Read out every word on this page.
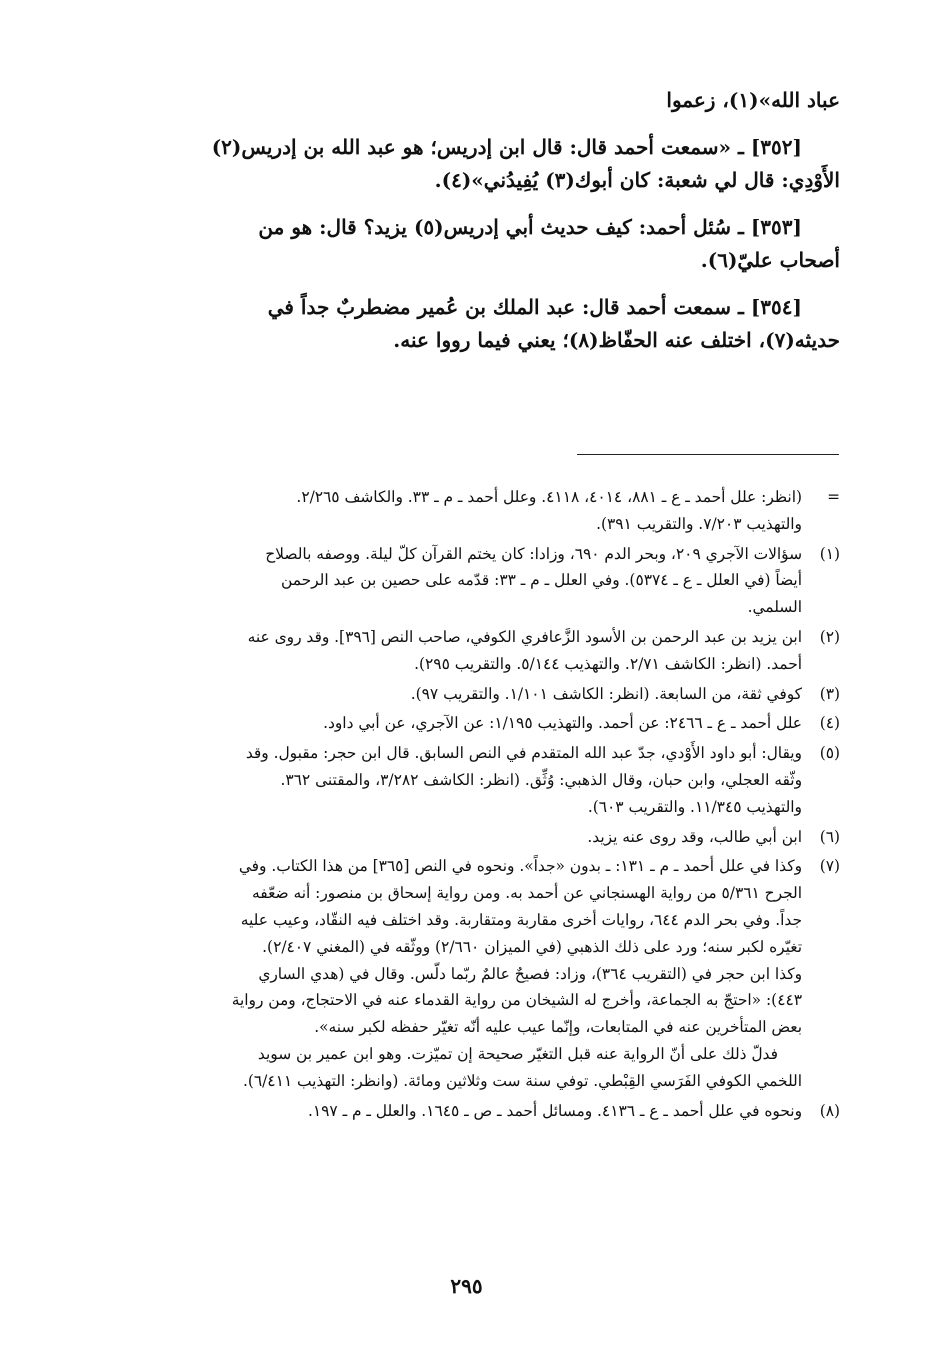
عباد الله»(١)، زعموا

[٣٥٢] ـ «سمعت أحمد قال: قال ابن إدريس؛ هو عبد الله بن إدريس(٢)

الأَوْدِي: قال لي شعبة: كان أبوك(٣) يُفِيدُني»(٤).

[٣٥٣] ـ سُئل أحمد: كيف حديث أبي إدريس(٥) يزيد؟ قال: هو من

أصحاب عليّ(٦).

[٣٥٤] ـ سمعت أحمد قال: عبد الملك بن عُمير مضطربٌ جداً في

حديثه(٧)، اختلف عنه الحفّاظ(٨)؛ يعني فيما رووا عنه.

=
(انظر: علل أحمد ـ ع ـ ٨٨١، ٤٠١٤، ٤١١٨. وعلل أحمد ـ م ـ ٣٣. والكاشف ٢/٢٦٥.
والتهذيب ٧/٢٠٣. والتقريب ٣٩١).
(١)
سؤالات الآجري ٢٠٩، وبحر الدم ٦٩٠، وزادا: كان يختم القرآن كلّ ليلة. ووصفه بالصلاح
أيضاً (في العلل ـ ع ـ ٥٣٧٤). وفي العلل ـ م ـ ٣٣: قدّمه على حصين بن عبد الرحمن
السلمي.
(٢)
ابن يزيد بن عبد الرحمن بن الأسود الزَّعافري الكوفي، صاحب النص [٣٩٦]. وقد روى عنه
أحمد. (انظر: الكاشف ٢/٧١. والتهذيب ٥/١٤٤. والتقريب ٢٩٥).
(٣)
كوفي ثقة، من السابعة. (انظر: الكاشف ١/١٠١. والتقريب ٩٧).
(٤)
علل أحمد ـ ع ـ ٢٤٦٦: عن أحمد. والتهذيب ١/١٩٥: عن الآجري، عن أبي داود.
(٥)
ويقال: أبو داود الأَوْدي، جدّ عبد الله المتقدم في النص السابق. قال ابن حجر: مقبول. وقد
وثّقه العجلي، وابن حبان، وقال الذهبي: وُثِّق. (انظر: الكاشف ٣/٢٨٢، والمقتنى ٣٦٢.
والتهذيب ١١/٣٤٥. والتقريب ٦٠٣).
(٦)
ابن أبي طالب، وقد روى عنه يزيد.
(٧)
وكذا في علل أحمد ـ م ـ ١٣١: ـ بدون «جداً». ونحوه في النص [٣٦٥] من هذا الكتاب. وفي
الجرح ٥/٣٦١ من رواية الهسنجاني عن أحمد به. ومن رواية إسحاق بن منصور: أنه ضعّفه
جداً. وفي بحر الدم ٦٤٤، روايات أخرى مقاربة ومتقاربة. وقد اختلف فيه النقّاد، وعيب عليه
تغيّره لكبر سنه؛ ورد على ذلك الذهبي (في الميزان ٢/٦٦٠) ووثّقه في (المغني ٢/٤٠٧).
وكذا ابن حجر في (التقريب ٣٦٤)، وزاد: فصيحٌ عالمٌ ربّما دلّس. وقال في (هدي الساري
٤٤٣): «احتجّ به الجماعة، وأخرج له الشيخان من رواية القدماء عنه في الاحتجاج، ومن رواية
بعض المتأخرين عنه في المتابعات، وإنّما عيب عليه أنّه تغيّر حفظه لكبر سنه».
فدلّ ذلك على أنّ الرواية عنه قبل التغيّر صحيحة إن تميّزت. وهو ابن عمير بن سويد
اللخمي الكوفي الفَرَسي القِبْطي. توفي سنة ست وثلاثين ومائة. (وانظر: التهذيب ٦/٤١١).
(٨)
ونحوه في علل أحمد ـ ع ـ ٤١٣٦. ومسائل أحمد ـ ص ـ ١٦٤٥. والعلل ـ م ـ ١٩٧.
٢٩٥
